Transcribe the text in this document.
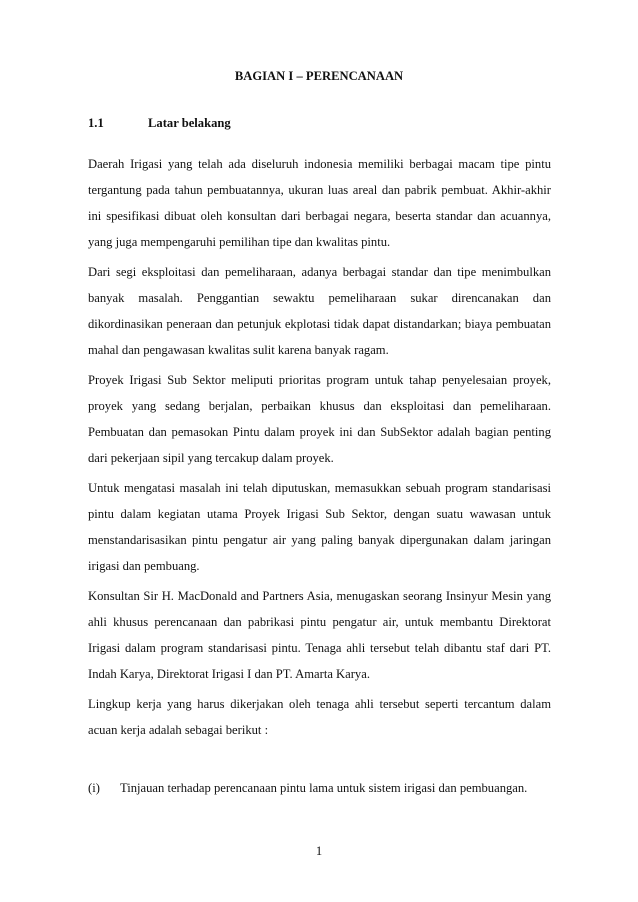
BAGIAN I – PERENCANAAN
1.1	Latar belakang

Daerah Irigasi yang telah ada diseluruh indonesia memiliki berbagai macam tipe pintu tergantung pada tahun pembuatannya, ukuran luas areal dan pabrik pembuat. Akhir-akhir ini spesifikasi dibuat oleh konsultan dari berbagai negara, beserta standar dan acuannya, yang juga mempengaruhi pemilihan tipe dan kwalitas pintu.

Dari segi eksploitasi dan pemeliharaan, adanya berbagai standar dan tipe menimbulkan banyak masalah. Penggantian sewaktu pemeliharaan sukar direncanakan dan dikordinasikan peneraan dan petunjuk ekplotasi tidak dapat distandarkan; biaya pembuatan mahal dan pengawasan kwalitas sulit karena banyak ragam.

Proyek Irigasi Sub Sektor meliputi prioritas program untuk tahap penyelesaian proyek, proyek yang sedang berjalan, perbaikan khusus dan eksploitasi dan pemeliharaan. Pembuatan dan pemasokan Pintu dalam proyek ini dan SubSektor adalah bagian penting dari pekerjaan sipil yang tercakup dalam proyek.

Untuk mengatasi masalah ini telah diputuskan, memasukkan sebuah program standarisasi pintu dalam kegiatan utama Proyek Irigasi Sub Sektor, dengan suatu wawasan untuk menstandarisasikan pintu pengatur air yang paling banyak dipergunakan dalam jaringan irigasi dan pembuang.

Konsultan Sir H. MacDonald and Partners Asia, menugaskan seorang Insinyur Mesin yang ahli khusus perencanaan dan pabrikasi pintu pengatur air, untuk membantu Direktorat Irigasi dalam program standarisasi pintu. Tenaga ahli tersebut telah dibantu staf dari PT. Indah Karya, Direktorat Irigasi I dan PT. Amarta Karya.

Lingkup kerja yang harus dikerjakan oleh tenaga ahli tersebut seperti tercantum dalam acuan kerja adalah sebagai berikut :

(i) Tinjauan terhadap perencanaan pintu lama untuk sistem irigasi dan pembuangan.
1
